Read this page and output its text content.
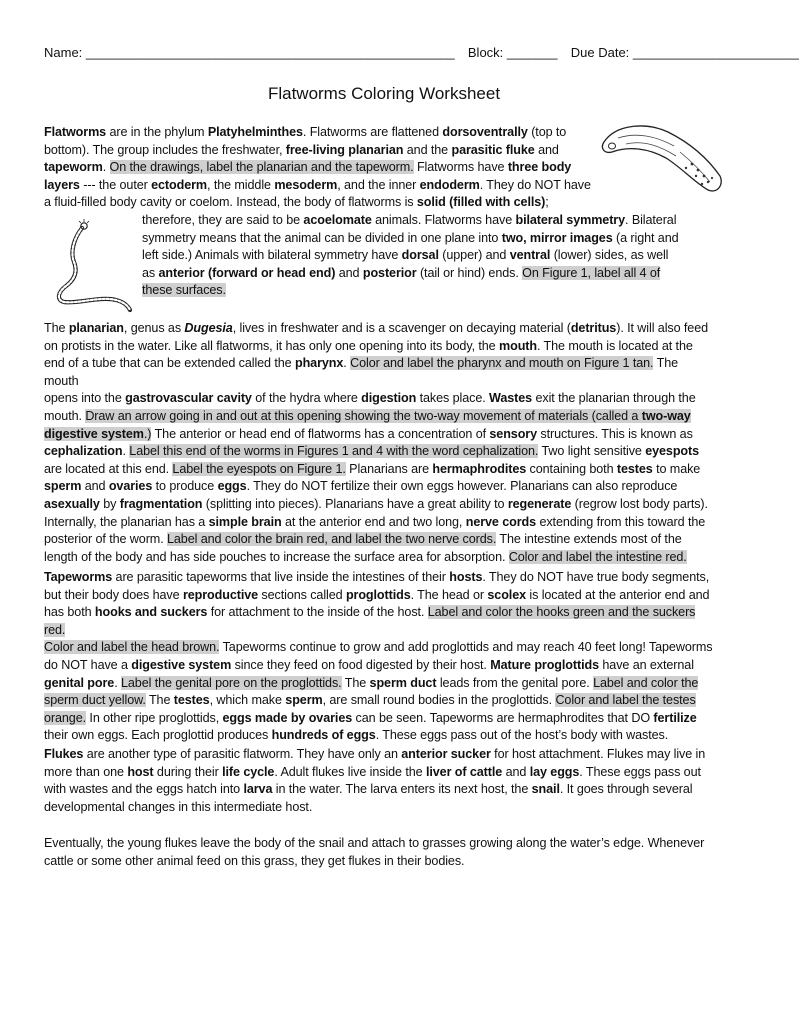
Name: ___________________________________________________ Block: _______ Due Date: _______________________
Flatworms Coloring Worksheet

Flatworms are in the phylum Platyhelminthes. Flatworms are flattened dorsoventrally (top to
bottom). The group includes the freshwater, free-living planarian and the parasitic fluke and
tapeworm. On the drawings, label the planarian and the tapeworm. Flatworms have three body
layers --- the outer ectoderm, the middle mesoderm, and the inner endoderm. They do NOT have
a fluid-filled body cavity or coelom. Instead, the body of flatworms is solid (filled with cells);
therefore, they are said to be acoelomate animals. Flatworms have bilateral symmetry. Bilateral
symmetry means that the animal can be divided in one plane into two, mirror images (a right and
left side.) Animals with bilateral symmetry have dorsal (upper) and ventral (lower) sides, as well
as anterior (forward or head end) and posterior (tail or hind) ends. On Figure 1, label all 4 of
these surfaces.

The planarian, genus as Dugesia, lives in freshwater and is a scavenger on decaying material (detritus). It will also feed
on protists in the water. Like all flatworms, it has only one opening into its body, the mouth. The mouth is located at the
end of a tube that can be extended called the pharynx. Color and label the pharynx and mouth on Figure 1 tan. The mouth
opens into the gastrovascular cavity of the hydra where digestion takes place. Wastes exit the planarian through the
mouth. Draw an arrow going in and out at this opening showing the two-way movement of materials (called a two-way
digestive system.) The anterior or head end of flatworms has a concentration of sensory structures. This is known as
cephalization. Label this end of the worms in Figures 1 and 4 with the word cephalization. Two light sensitive eyespots
are located at this end. Label the eyespots on Figure 1. Planarians are hermaphrodites containing both testes to make
sperm and ovaries to produce eggs. They do NOT fertilize their own eggs however. Planarians can also reproduce
asexually by fragmentation (splitting into pieces). Planarians have a great ability to regenerate (regrow lost body parts).
Internally, the planarian has a simple brain at the anterior end and two long, nerve cords extending from this toward the
posterior of the worm. Label and color the brain red, and label the two nerve cords. The intestine extends most of the
length of the body and has side pouches to increase the surface area for absorption. Color and label the intestine red.

Tapeworms are parasitic tapeworms that live inside the intestines of their hosts. They do NOT have true body segments,
but their body does have reproductive sections called proglottids. The head or scolex is located at the anterior end and
has both hooks and suckers for attachment to the inside of the host. Label and color the hooks green and the suckers red.
Color and label the head brown. Tapeworms continue to grow and add proglottids and may reach 40 feet long! Tapeworms
do NOT have a digestive system since they feed on food digested by their host. Mature proglottids have an external
genital pore. Label the genital pore on the proglottids. The sperm duct leads from the genital pore. Label and color the
sperm duct yellow. The testes, which make sperm, are small round bodies in the proglottids. Color and label the testes
orange. In other ripe proglottids, eggs made by ovaries can be seen. Tapeworms are hermaphrodites that DO fertilize
their own eggs. Each proglottid produces hundreds of eggs. These eggs pass out of the host’s body with wastes.

Flukes are another type of parasitic flatworm. They have only an anterior sucker for host attachment. Flukes may live in
more than one host during their life cycle. Adult flukes live inside the liver of cattle and lay eggs. These eggs pass out
with wastes and the eggs hatch into larva in the water. The larva enters its next host, the snail. It goes through several
developmental changes in this intermediate host.

Eventually, the young flukes leave the body of the snail and attach to grasses growing along the water’s edge. Whenever
cattle or some other animal feed on this grass, they get flukes in their bodies.
